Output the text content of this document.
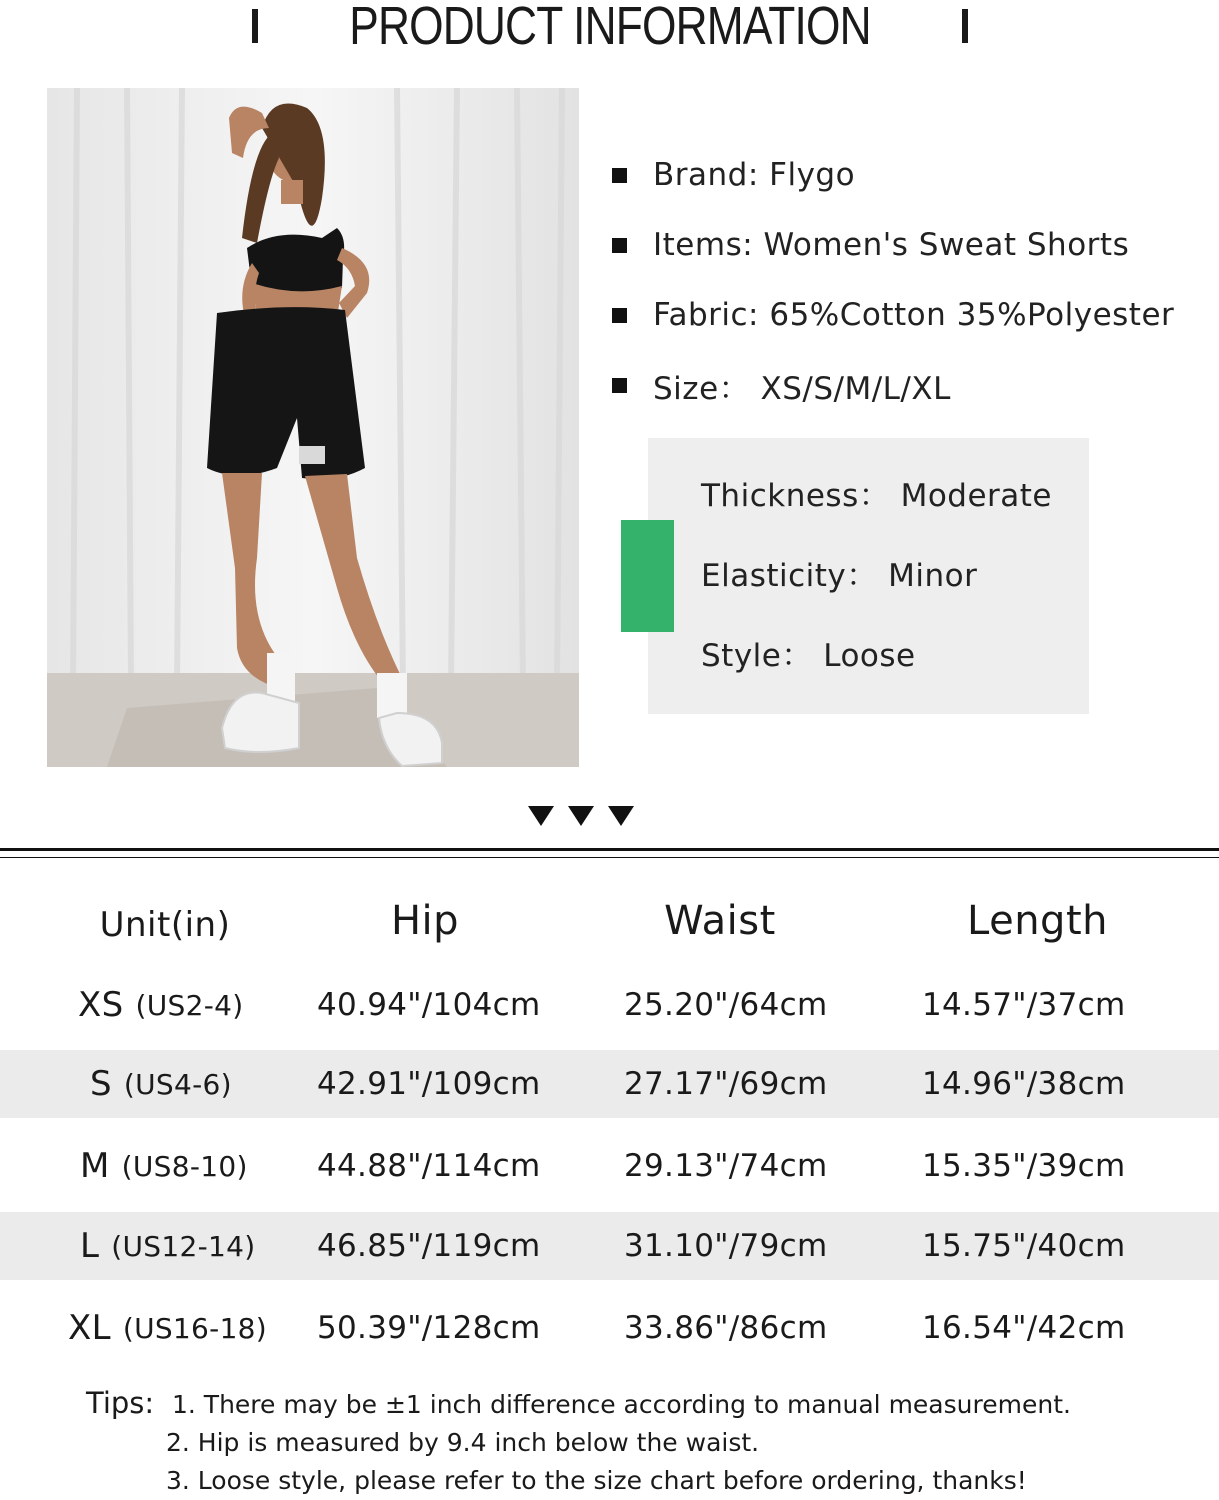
PRODUCT INFORMATION
Brand: Flygo
Items: Women's Sweat Shorts
Fabric: 65%Cotton 35%Polyester
Size： XS/S/M/L/XL
Thickness： Moderate
Elasticity： Minor
Style： Loose
Unit(in)	Hip	Waist	Length
XS (US2-4) 40.94"/104cm	25.20"/64cm	14.57"/37cm
S (US4-6)	42.91"/109cm	27.17"/69cm	14.96"/38cm
M (US8-10) 44.88"/114cm	29.13"/74cm	15.35"/39cm
L (US12-14) 46.85"/119cm	31.10"/79cm	15.75"/40cm
XL (US16-18) 50.39"/128cm	33.86"/86cm	16.54"/42cm
Tips: 1. There may be ±1 inch difference according to manual measurement.
2. Hip is measured by 9.4 inch below the waist.
3. Loose style, please refer to the size chart before ordering, thanks!
